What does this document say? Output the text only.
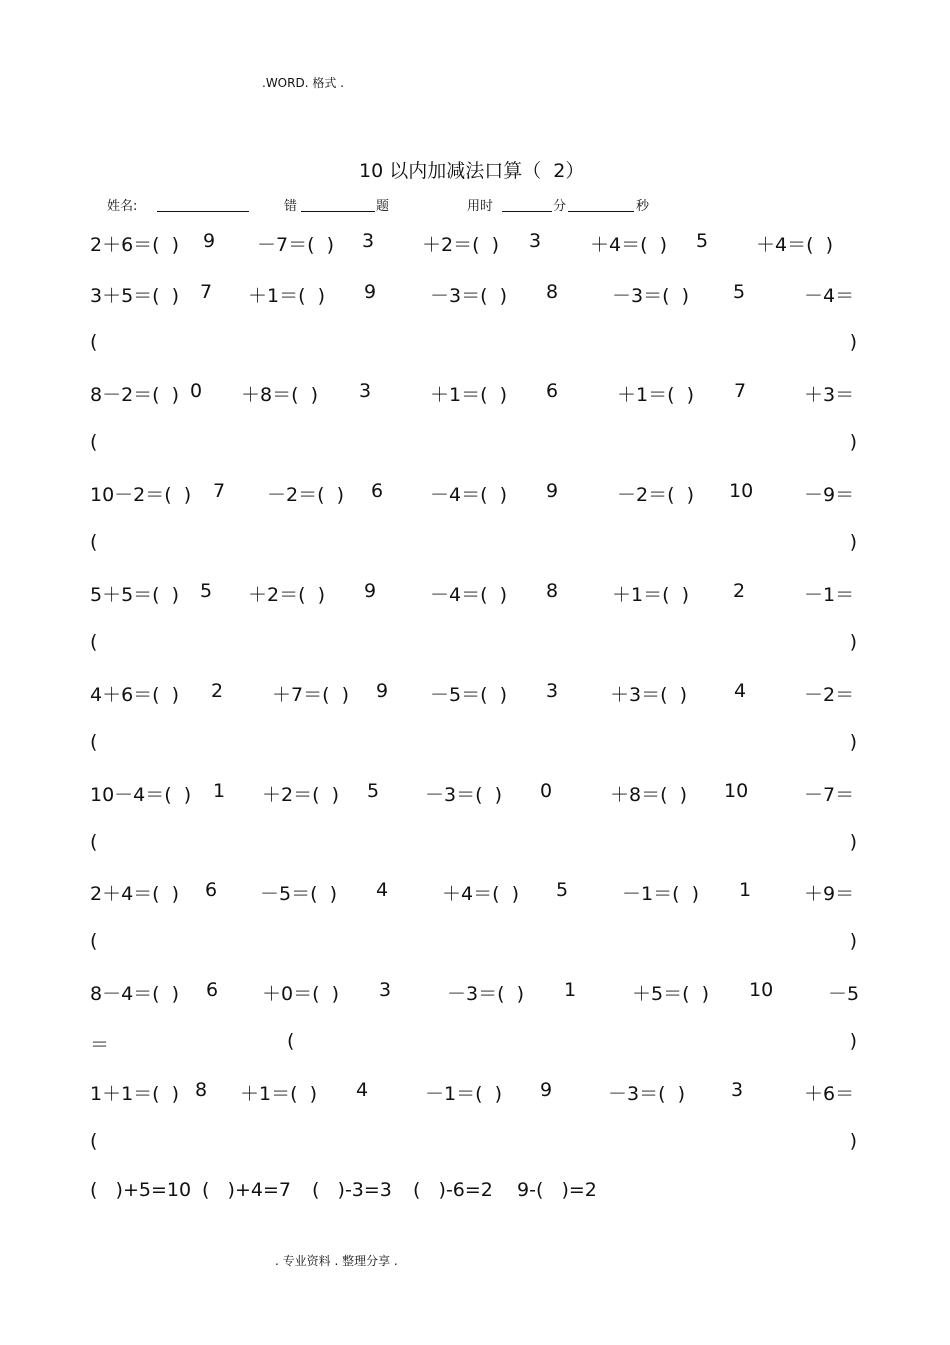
.WORD. 格式 .
10 以内加减法口算（  2）
姓名:	错	题	用时	分	秒
2＋6＝(  ) 9 －7＝(  ) 3	＋2＝(  ) 3	＋4＝(  ) 5	＋4＝(  )
3＋5＝(  ) 7 ＋1＝(  ) 9	－3＝(  ) 8	－3＝(  ) 5	－4＝
(	)
8－2＝(  ) 0 ＋8＝(  ) 3	＋1＝(  ) 6	＋1＝(  ) 7	＋3＝
(	)
10－2＝(  ) 7 －2＝(  ) 6 －4＝(  ) 9	－2＝(  ) 10	－9＝
(	)
5＋5＝(  ) 5 ＋2＝(  ) 9	－4＝(  ) 8	＋1＝(  ) 2	－1＝
(	)
4＋6＝(  ) 2	＋7＝(  ) 9 －5＝(  ) 3	＋3＝(  ) 4	－2＝
(	)
10－4＝(  ) 1 ＋2＝(  ) 5 －3＝(  ) 0	＋8＝(  ) 10	－7＝
(	)
2＋4＝(  ) 6 －5＝(  ) 4	＋4＝(  ) 5	－1＝(  ) 1	＋9＝
(	)
8－4＝(  ) 6 ＋0＝(  ) 3	－3＝(  ) 1	＋5＝(  ) 10	－5
＝	(	)
1＋1＝(  ) 8 ＋1＝(  ) 4	－1＝(  ) 9	－3＝(  ) 3	＋6＝
(	)
(   )+5=10 (   )+4=7 (   )-3=3 (   )-6=2 9-(   )=2
. 专业资料 . 整理分享 .
